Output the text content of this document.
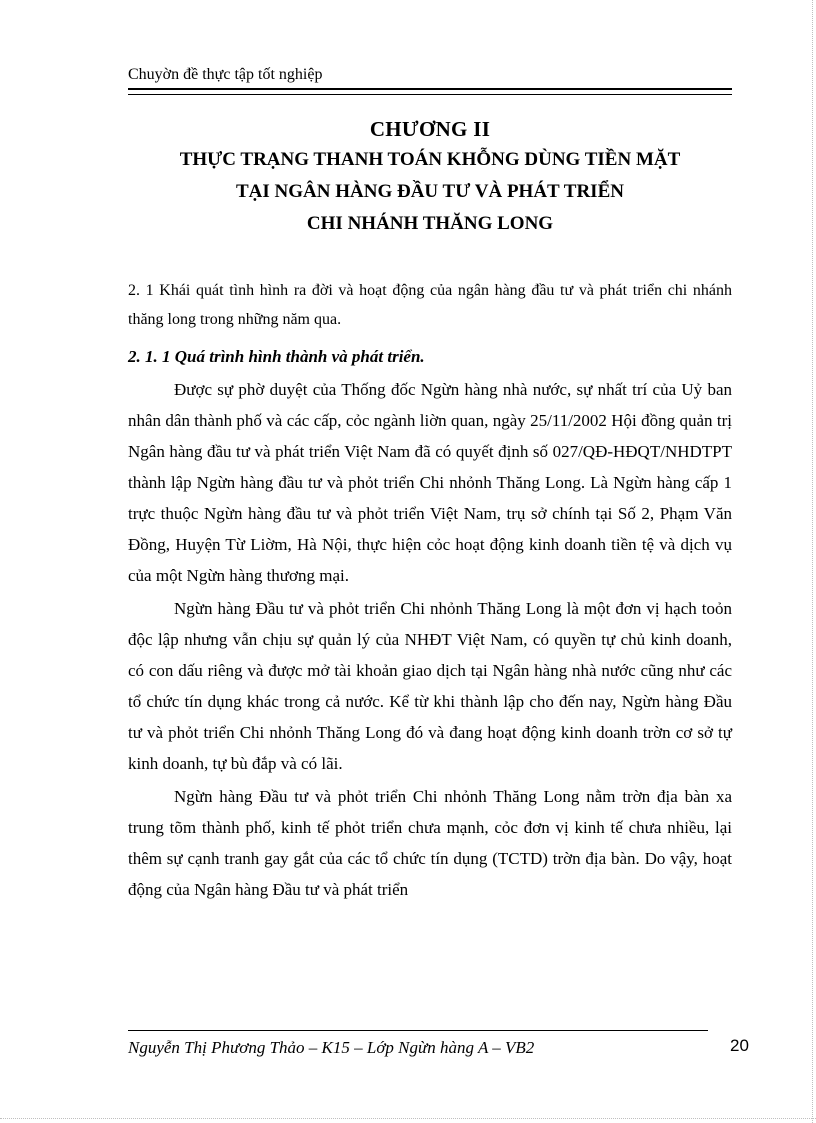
Chuyờn đề thực tập tốt nghiệp
CHƯƠNG II
THỰC TRẠNG THANH TOÁN KHỖNG DÙNG TIỀN MẶT
TẠI NGÂN HÀNG ĐẦU TƯ VÀ PHÁT TRIỂN
CHI NHÁNH THĂNG LONG

2. 1 Khái quát tình hình ra đời và hoạt động của ngân hàng đầu tư và phát triển chi nhánh thăng long trong những năm qua.

2. 1. 1 Quá trình hình thành và phát triển.

Được sự phờ duyệt của Thống đốc Ngừn hàng nhà nước, sự nhất trí của Uỷ ban nhân dân thành phố và các cấp, cỏc ngành liờn quan, ngày 25/11/2002 Hội đồng quản trị Ngân hàng đầu tư và phát triển Việt Nam đã có quyết định số 027/QĐ-HĐQT/NHDTPT thành lập Ngừn hàng đầu tư và phỏt triển Chi nhỏnh Thăng Long. Là Ngừn hàng cấp 1 trực thuộc Ngừn hàng đầu tư và phỏt triển Việt Nam, trụ sở chính tại Số 2, Phạm Văn Đồng, Huyện Từ Liờm, Hà Nội, thực hiện cỏc hoạt động kinh doanh tiền tệ và dịch vụ của một Ngừn hàng thương mại.

Ngừn hàng Đầu tư và phỏt triển Chi nhỏnh Thăng Long là một đơn vị hạch toỏn độc lập nhưng vẫn chịu sự quản lý của NHĐT Việt Nam, có quyền tự chủ kinh doanh, có con dấu riêng và được mở tài khoản giao dịch tại Ngân hàng nhà nước cũng như các tổ chức tín dụng khác trong cả nước. Kể từ khi thành lập cho đến nay, Ngừn hàng Đầu tư và phỏt triển Chi nhỏnh Thăng Long đó và đang hoạt động kinh doanh trờn cơ sở tự kinh doanh, tự bù đắp và có lãi.

Ngừn hàng Đầu tư và phỏt triển Chi nhỏnh Thăng Long nằm trờn địa bàn xa trung tõm thành phố, kinh tế phỏt triển chưa mạnh, cỏc đơn vị kinh tế chưa nhiều, lại thêm sự cạnh tranh gay gắt của các tổ chức tín dụng (TCTD) trờn địa bàn. Do vậy, hoạt động của Ngân hàng Đầu tư và phát triển

Nguyễn Thị Phương Thảo – K15 – Lớp Ngừn hàng A – VB2	20
